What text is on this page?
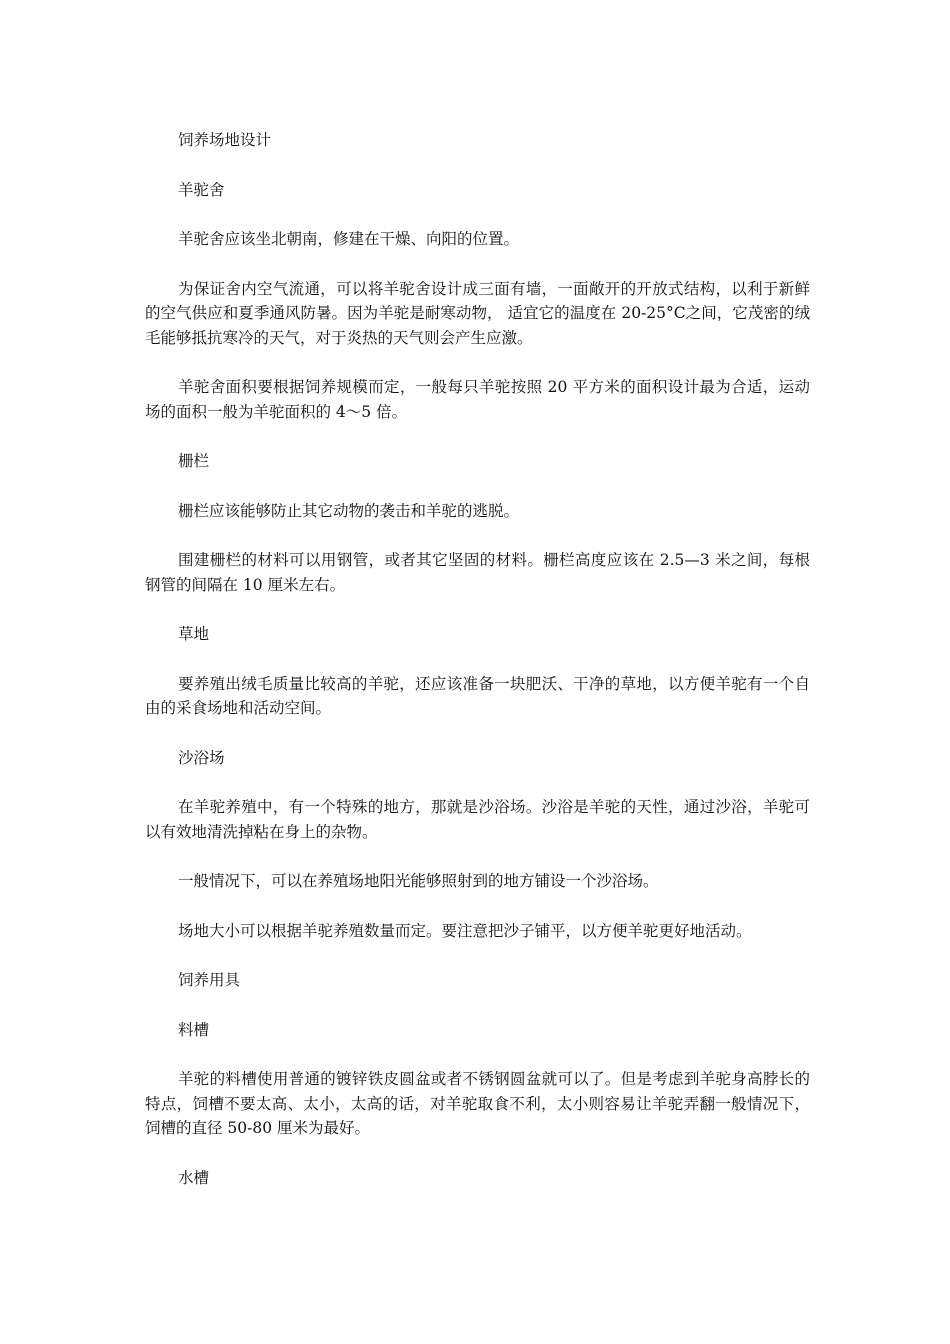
饲养场地设计

羊驼舍

羊驼舍应该坐北朝南，修建在干燥、向阳的位置。

为保证舍内空气流通，可以将羊驼舍设计成三面有墙，一面敞开的开放式结构，以利于新鲜的空气供应和夏季通风防暑。因为羊驼是耐寒动物， 适宜它的温度在 20-25°C之间，它茂密的绒毛能够抵抗寒冷的天气，对于炎热的天气则会产生应激。

羊驼舍面积要根据饲养规模而定，一般每只羊驼按照 20 平方米的面积设计最为合适，运动场的面积一般为羊驼面积的 4～5 倍。

栅栏

栅栏应该能够防止其它动物的袭击和羊驼的逃脱。

围建栅栏的材料可以用钢管，或者其它坚固的材料。栅栏高度应该在 2.5—3 米之间，每根钢管的间隔在 10 厘米左右。

草地

要养殖出绒毛质量比较高的羊驼，还应该准备一块肥沃、干净的草地，以方便羊驼有一个自由的采食场地和活动空间。

沙浴场

在羊驼养殖中，有一个特殊的地方，那就是沙浴场。沙浴是羊驼的天性，通过沙浴，羊驼可以有效地清洗掉粘在身上的杂物。

一般情况下，可以在养殖场地阳光能够照射到的地方铺设一个沙浴场。

场地大小可以根据羊驼养殖数量而定。要注意把沙子铺平，以方便羊驼更好地活动。

饲养用具

料槽

羊驼的料槽使用普通的镀锌铁皮圆盆或者不锈钢圆盆就可以了。但是考虑到羊驼身高脖长的特点，饲槽不要太高、太小，太高的话，对羊驼取食不利，太小则容易让羊驼弄翻一般情况下，饲槽的直径 50-80 厘米为最好。

水槽
